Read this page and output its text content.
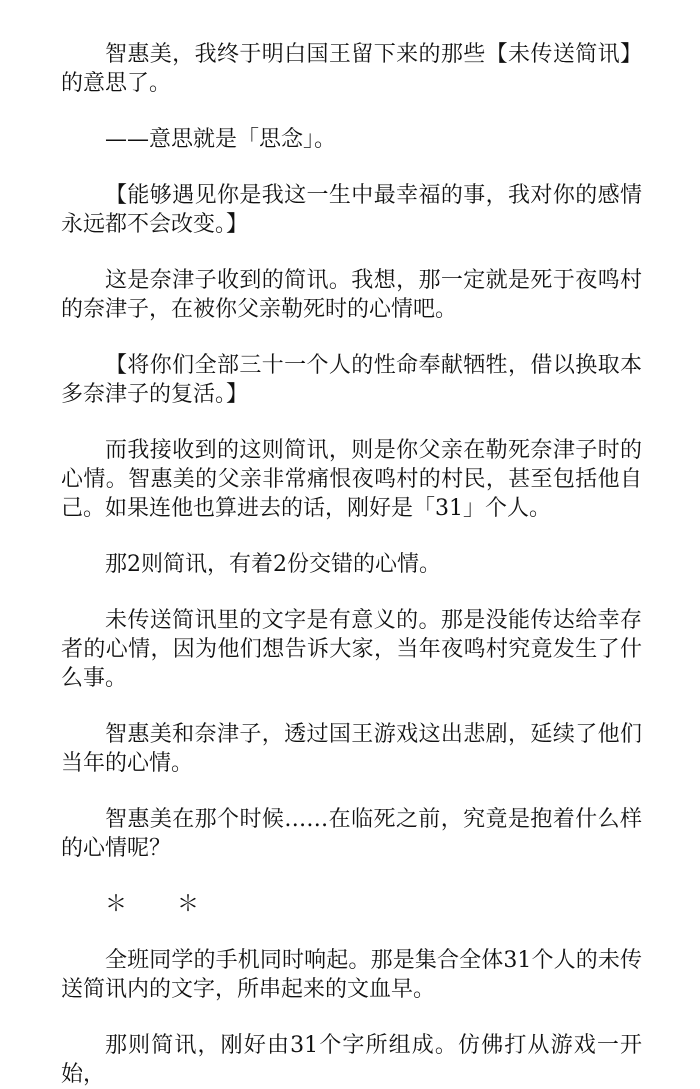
智惠美，我终于明白国王留下来的那些【未传送简讯】的意思了。

——意思就是「思念」。

【能够遇见你是我这一生中最幸福的事，我对你的感情永远都不会改变。】

这是奈津子收到的简讯。我想，那一定就是死于夜鸣村的奈津子，在被你父亲勒死时的心情吧。

【将你们全部三十一个人的性命奉献牺牲，借以换取本多奈津子的复活。】

而我接收到的这则简讯，则是你父亲在勒死奈津子时的心情。智惠美的父亲非常痛恨夜鸣村的村民，甚至包括他自己。如果连他也算进去的话，刚好是「31」个人。

那2则简讯，有着2份交错的心情。

未传送简讯里的文字是有意义的。那是没能传达给幸存者的心情，因为他们想告诉大家，当年夜鸣村究竟发生了什么事。

智惠美和奈津子，透过国王游戏这出悲剧，延续了他们当年的心情。

智惠美在那个时候……在临死之前，究竟是抱着什么样的心情呢？

＊　　＊

全班同学的手机同时响起。那是集合全体31个人的未传送简讯内的文字，所串起来的文血早。

那则简讯，刚好由31个字所组成。仿佛打从游戏一开始，
